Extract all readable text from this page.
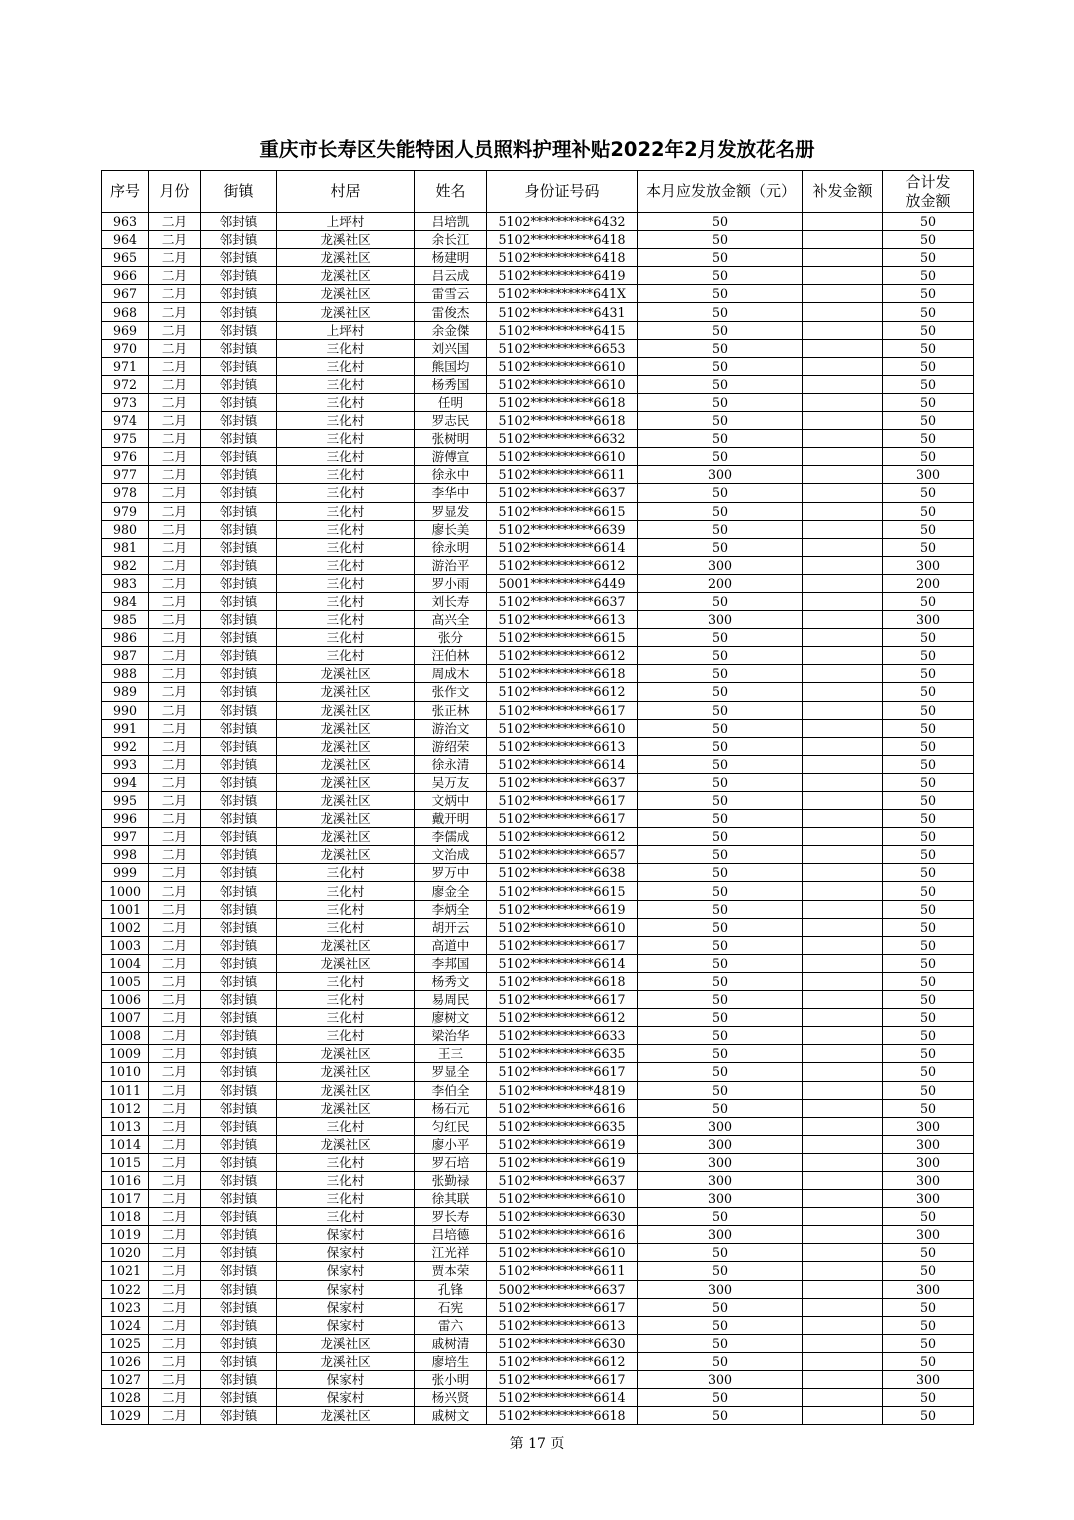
重庆市长寿区失能特困人员照料护理补贴2022年2月发放花名册
序号	月份	街镇	村居	姓名	身份证号码	本月应发放金额（元）	补发金额	合计发放金额
963	二月	邻封镇	上坪村	吕培凯	5102**********6432	50		50
964	二月	邻封镇	龙溪社区	余长江	5102**********6418	50		50
965	二月	邻封镇	龙溪社区	杨建明	5102**********6418	50		50
966	二月	邻封镇	龙溪社区	吕云成	5102**********6419	50		50
967	二月	邻封镇	龙溪社区	雷雪云	5102**********641X	50		50
968	二月	邻封镇	龙溪社区	雷俊杰	5102**********6431	50		50
969	二月	邻封镇	上坪村	余金傑	5102**********6415	50		50
970	二月	邻封镇	三化村	刘兴国	5102**********6653	50		50
971	二月	邻封镇	三化村	熊国均	5102**********6610	50		50
972	二月	邻封镇	三化村	杨秀国	5102**********6610	50		50
973	二月	邻封镇	三化村	任明	5102**********6618	50		50
974	二月	邻封镇	三化村	罗志民	5102**********6618	50		50
975	二月	邻封镇	三化村	张树明	5102**********6632	50		50
976	二月	邻封镇	三化村	游傅宣	5102**********6610	50		50
977	二月	邻封镇	三化村	徐永中	5102**********6611	300		300
978	二月	邻封镇	三化村	李华中	5102**********6637	50		50
979	二月	邻封镇	三化村	罗显发	5102**********6615	50		50
980	二月	邻封镇	三化村	廖长美	5102**********6639	50		50
981	二月	邻封镇	三化村	徐永明	5102**********6614	50		50
982	二月	邻封镇	三化村	游治平	5102**********6612	300		300
983	二月	邻封镇	三化村	罗小雨	5001**********6449	200		200
984	二月	邻封镇	三化村	刘长寿	5102**********6637	50		50
985	二月	邻封镇	三化村	高兴全	5102**********6613	300		300
986	二月	邻封镇	三化村	张分	5102**********6615	50		50
987	二月	邻封镇	三化村	汪伯林	5102**********6612	50		50
988	二月	邻封镇	龙溪社区	周成木	5102**********6618	50		50
989	二月	邻封镇	龙溪社区	张作文	5102**********6612	50		50
990	二月	邻封镇	龙溪社区	张正林	5102**********6617	50		50
991	二月	邻封镇	龙溪社区	游治文	5102**********6610	50		50
992	二月	邻封镇	龙溪社区	游绍荣	5102**********6613	50		50
993	二月	邻封镇	龙溪社区	徐永清	5102**********6614	50		50
994	二月	邻封镇	龙溪社区	吴万友	5102**********6637	50		50
995	二月	邻封镇	龙溪社区	文炳中	5102**********6617	50		50
996	二月	邻封镇	龙溪社区	戴开明	5102**********6617	50		50
997	二月	邻封镇	龙溪社区	李儒成	5102**********6612	50		50
998	二月	邻封镇	龙溪社区	文治成	5102**********6657	50		50
999	二月	邻封镇	三化村	罗万中	5102**********6638	50		50
1000	二月	邻封镇	三化村	廖金全	5102**********6615	50		50
1001	二月	邻封镇	三化村	李炳全	5102**********6619	50		50
1002	二月	邻封镇	三化村	胡开云	5102**********6610	50		50
1003	二月	邻封镇	龙溪社区	高道中	5102**********6617	50		50
1004	二月	邻封镇	龙溪社区	李邦国	5102**********6614	50		50
1005	二月	邻封镇	三化村	杨秀文	5102**********6618	50		50
1006	二月	邻封镇	三化村	易周民	5102**********6617	50		50
1007	二月	邻封镇	三化村	廖树文	5102**********6612	50		50
1008	二月	邻封镇	三化村	梁治华	5102**********6633	50		50
1009	二月	邻封镇	龙溪社区	王三	5102**********6635	50		50
1010	二月	邻封镇	龙溪社区	罗显全	5102**********6617	50		50
1011	二月	邻封镇	龙溪社区	李伯全	5102**********4819	50		50
1012	二月	邻封镇	龙溪社区	杨石元	5102**********6616	50		50
1013	二月	邻封镇	三化村	匀红民	5102**********6635	300		300
1014	二月	邻封镇	龙溪社区	廖小平	5102**********6619	300		300
1015	二月	邻封镇	三化村	罗石培	5102**********6619	300		300
1016	二月	邻封镇	三化村	张勤禄	5102**********6637	300		300
1017	二月	邻封镇	三化村	徐其联	5102**********6610	300		300
1018	二月	邻封镇	三化村	罗长寿	5102**********6630	50		50
1019	二月	邻封镇	保家村	吕培德	5102**********6616	300		300
1020	二月	邻封镇	保家村	江光祥	5102**********6610	50		50
1021	二月	邻封镇	保家村	贾本荣	5102**********6611	50		50
1022	二月	邻封镇	保家村	孔锋	5002**********6637	300		300
1023	二月	邻封镇	保家村	石宪	5102**********6617	50		50
1024	二月	邻封镇	保家村	雷六	5102**********6613	50		50
1025	二月	邻封镇	龙溪社区	戚树清	5102**********6630	50		50
1026	二月	邻封镇	龙溪社区	廖培生	5102**********6612	50		50
1027	二月	邻封镇	保家村	张小明	5102**********6617	300		300
1028	二月	邻封镇	保家村	杨兴贤	5102**********6614	50		50
1029	二月	邻封镇	龙溪社区	戚树文	5102**********6618	50		50
第 17 页
